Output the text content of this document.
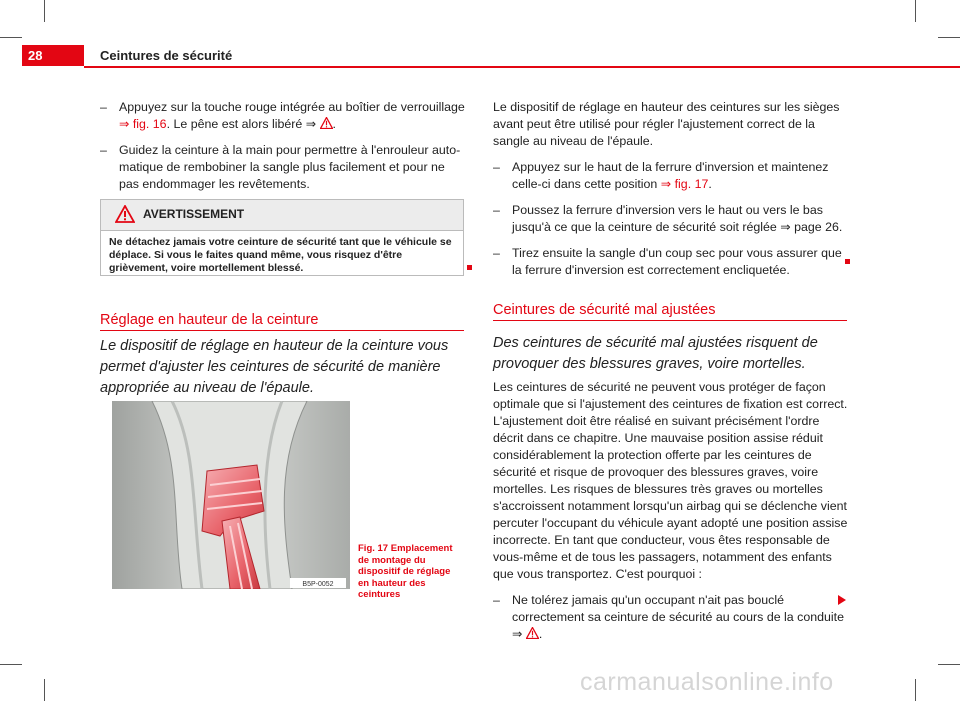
28	Ceintures de sécurité

– Appuyez sur la touche rouge intégrée au boîtier de verrouillage ⇒ fig. 16. Le pêne est alors libéré ⇒ .

– Guidez la ceinture à la main pour permettre à l'enrouleur automatique de rembobiner la sangle plus facilement et pour ne pas endommager les revêtements.

AVERTISSEMENT
Ne détachez jamais votre ceinture de sécurité tant que le véhicule se déplace. Si vous le faites quand même, vous risquez d'être grièvement, voire mortellement blessé.
Réglage en hauteur de la ceinture
Le dispositif de réglage en hauteur de la ceinture vous permet d'ajuster les ceintures de sécurité de manière appropriée au niveau de l'épaule.
B5P-0052
Fig. 17 Emplacement de montage du dispositif de réglage en hauteur des ceintures

Le dispositif de réglage en hauteur des ceintures sur les sièges avant peut être utilisé pour régler l'ajustement correct de la sangle au niveau de l'épaule.

– Appuyez sur le haut de la ferrure d'inversion et maintenez celle-ci dans cette position ⇒ fig. 17.

– Poussez la ferrure d'inversion vers le haut ou vers le bas jusqu'à ce que la ceinture de sécurité soit réglée ⇒ page 26.

– Tirez ensuite la sangle d'un coup sec pour vous assurer que la ferrure d'inversion est correctement encliquetée.

Ceintures de sécurité mal ajustées
Des ceintures de sécurité mal ajustées risquent de provoquer des blessures graves, voire mortelles.

Les ceintures de sécurité ne peuvent vous protéger de façon optimale que si l'ajustement des ceintures de fixation est correct. L'ajustement doit être réalisé en suivant précisément l'ordre décrit dans ce chapitre. Une mauvaise position assise réduit considérablement la protection offerte par les ceintures de sécurité et risque de provoquer des blessures graves, voire mortelles. Les risques de blessures très graves ou mortelles s'accroissent notamment lorsqu'un airbag qui se déclenche vient percuter l'occupant du véhicule ayant adopté une position assise incorrecte. En tant que conducteur, vous êtes responsable de vous-même et de tous les passagers, notamment des enfants que vous transportez. C'est pourquoi :

– Ne tolérez jamais qu'un occupant n'ait pas bouclé correctement sa ceinture de sécurité au cours de la conduite ⇒ .

carmanualsonline.info
